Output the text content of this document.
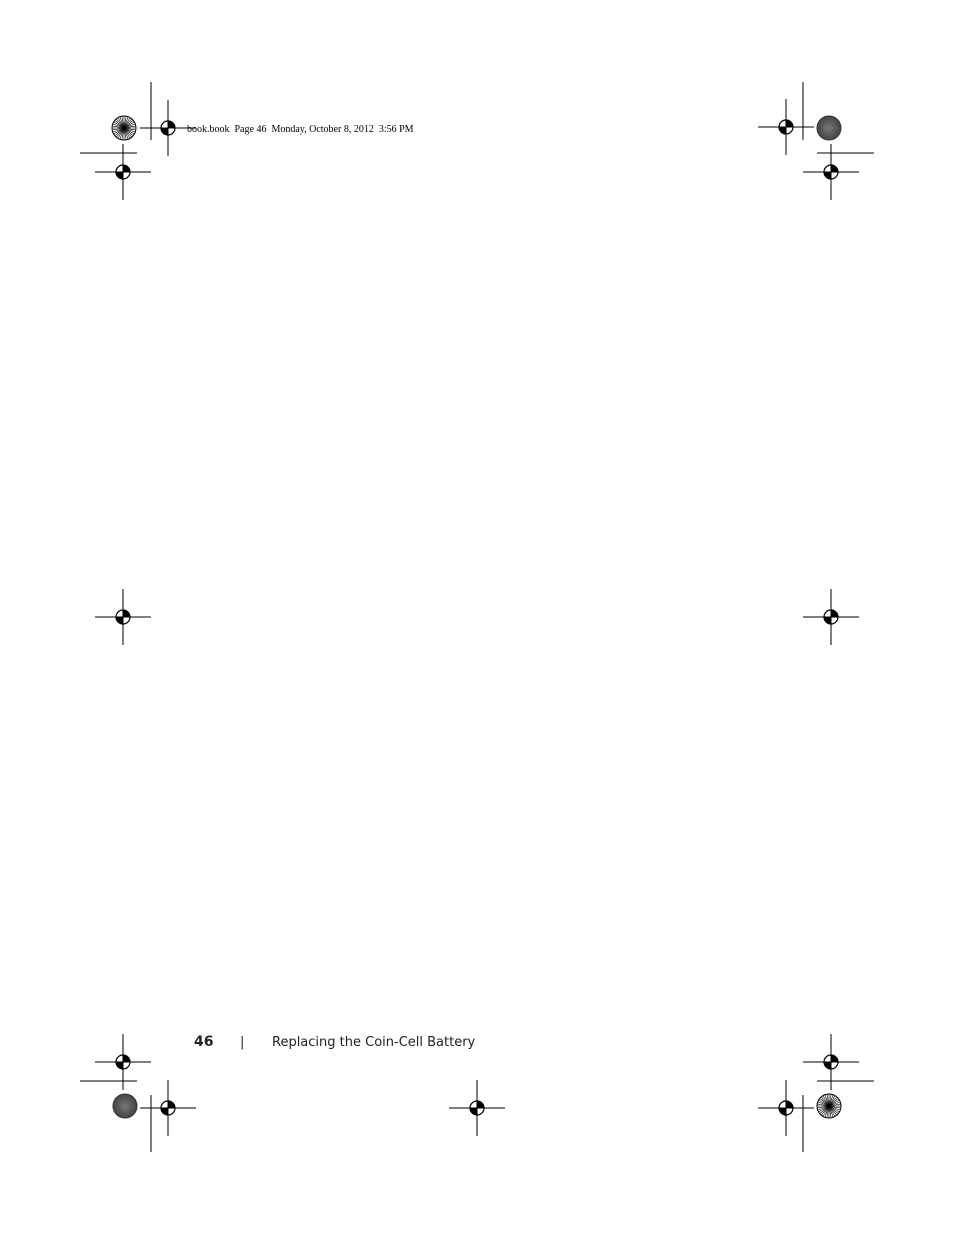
book.book  Page 46  Monday, October 8, 2012  3:56 PM
46	|	Replacing the Coin-Cell Battery
